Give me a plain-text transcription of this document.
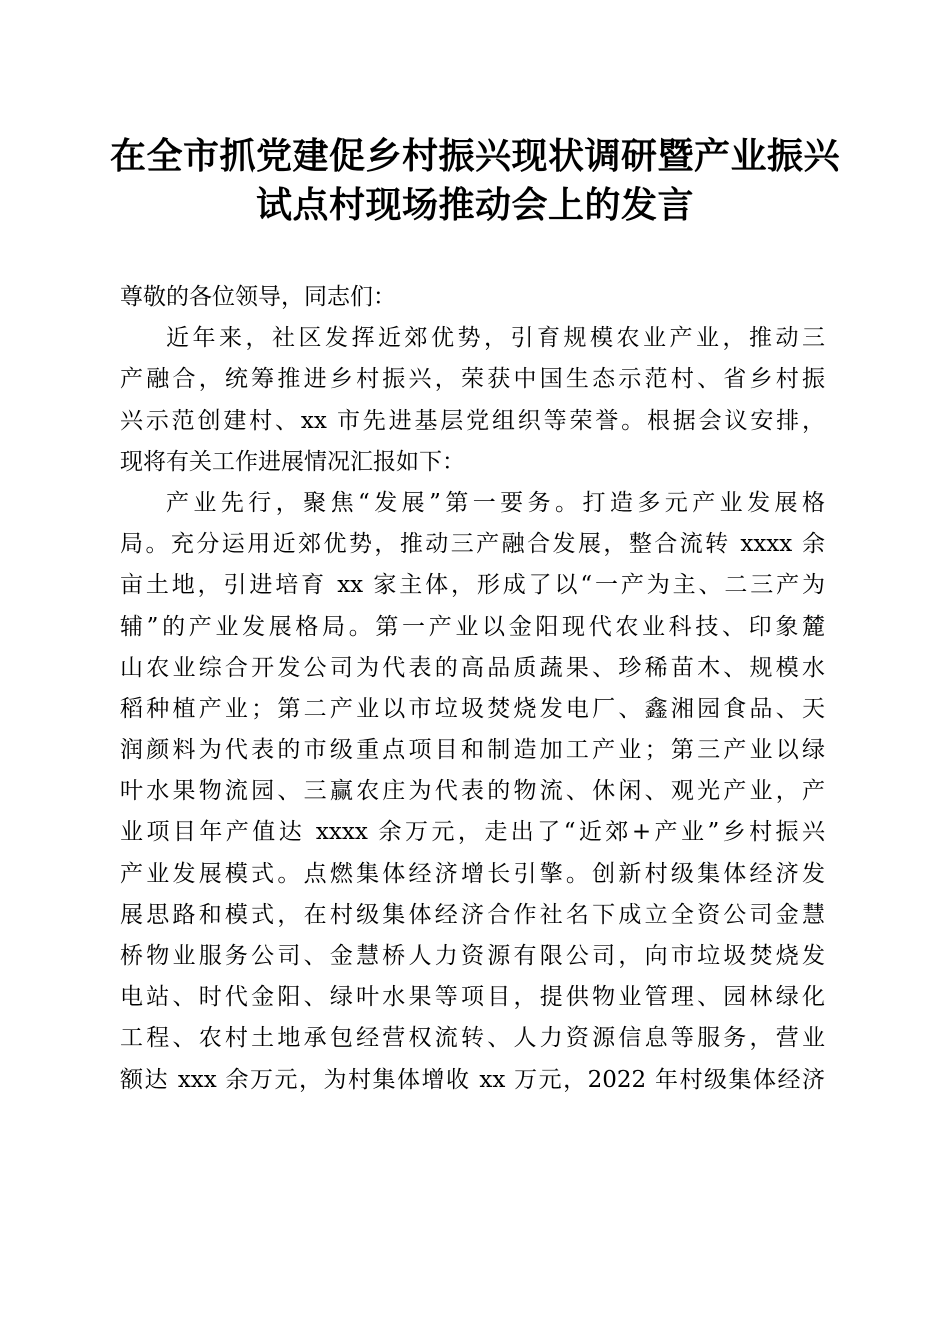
在全市抓党建促乡村振兴现状调研暨产业振兴
试点村现场推动会上的发言
尊敬的各位领导，同志们：
近年来，社区发挥近郊优势，引育规模农业产业，推动三
产融合，统筹推进乡村振兴，荣获中国生态示范村、省乡村振
兴示范创建村、xx 市先进基层党组织等荣誉。根据会议安排，
现将有关工作进展情况汇报如下：
产业先行，聚焦“发展”第一要务。打造多元产业发展格
局。充分运用近郊优势，推动三产融合发展，整合流转 xxxx 余
亩土地，引进培育 xx 家主体，形成了以“一产为主、二三产为
辅”的产业发展格局。第一产业以金阳现代农业科技、印象麓
山农业综合开发公司为代表的高品质蔬果、珍稀苗木、规模水
稻种植产业；第二产业以市垃圾焚烧发电厂、鑫湘园食品、天
润颜料为代表的市级重点项目和制造加工产业；第三产业以绿
叶水果物流园、三赢农庄为代表的物流、休闲、观光产业，产
业项目年产值达 xxxx 余万元，走出了“近郊+产业”乡村振兴
产业发展模式。点燃集体经济增长引擎。创新村级集体经济发
展思路和模式，在村级集体经济合作社名下成立全资公司金慧
桥物业服务公司、金慧桥人力资源有限公司，向市垃圾焚烧发
电站、时代金阳、绿叶水果等项目，提供物业管理、园林绿化
工程、农村土地承包经营权流转、人力资源信息等服务，营业
额达 xxx 余万元，为村集体增收 xx 万元，2022 年村级集体经济
